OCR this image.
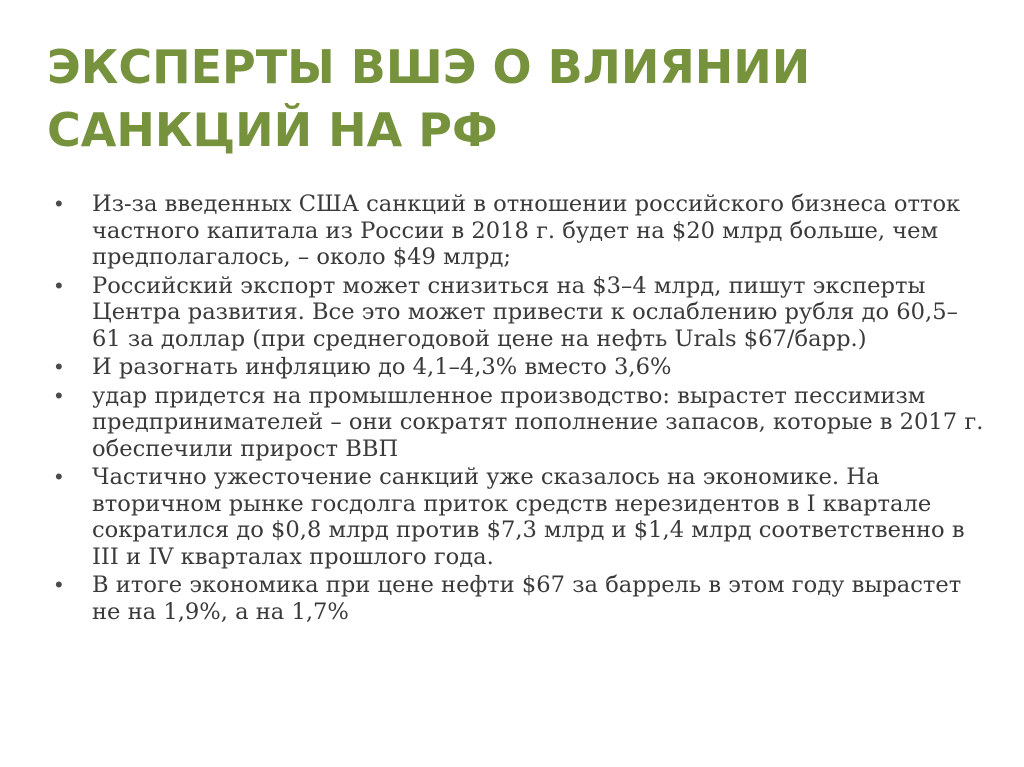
ЭКСПЕРТЫ ВШЭ О ВЛИЯНИИ
САНКЦИЙ НА РФ
• Из-за введенных США санкций в отношении российского бизнеса отток частного капитала из России в 2018 г. будет на $20 млрд больше, чем предполагалось, – около $49 млрд;
• Российский экспорт может снизиться на $3–4 млрд, пишут эксперты Центра развития. Все это может привести к ослаблению рубля до 60,5–61 за доллар (при среднегодовой цене на нефть Urals $67/барр.)
• И разогнать инфляцию до 4,1–4,3% вместо 3,6%
• удар придется на промышленное производство: вырастет пессимизм предпринимателей – они сократят пополнение запасов, которые в 2017 г. обеспечили прирост ВВП
• Частично ужесточение санкций уже сказалось на экономике. На вторичном рынке госдолга приток средств нерезидентов в I квартале сократился до $0,8 млрд против $7,3 млрд и $1,4 млрд соответственно в III и IV кварталах прошлого года.
• В итоге экономика при цене нефти $67 за баррель в этом году вырастет не на 1,9%, а на 1,7%
